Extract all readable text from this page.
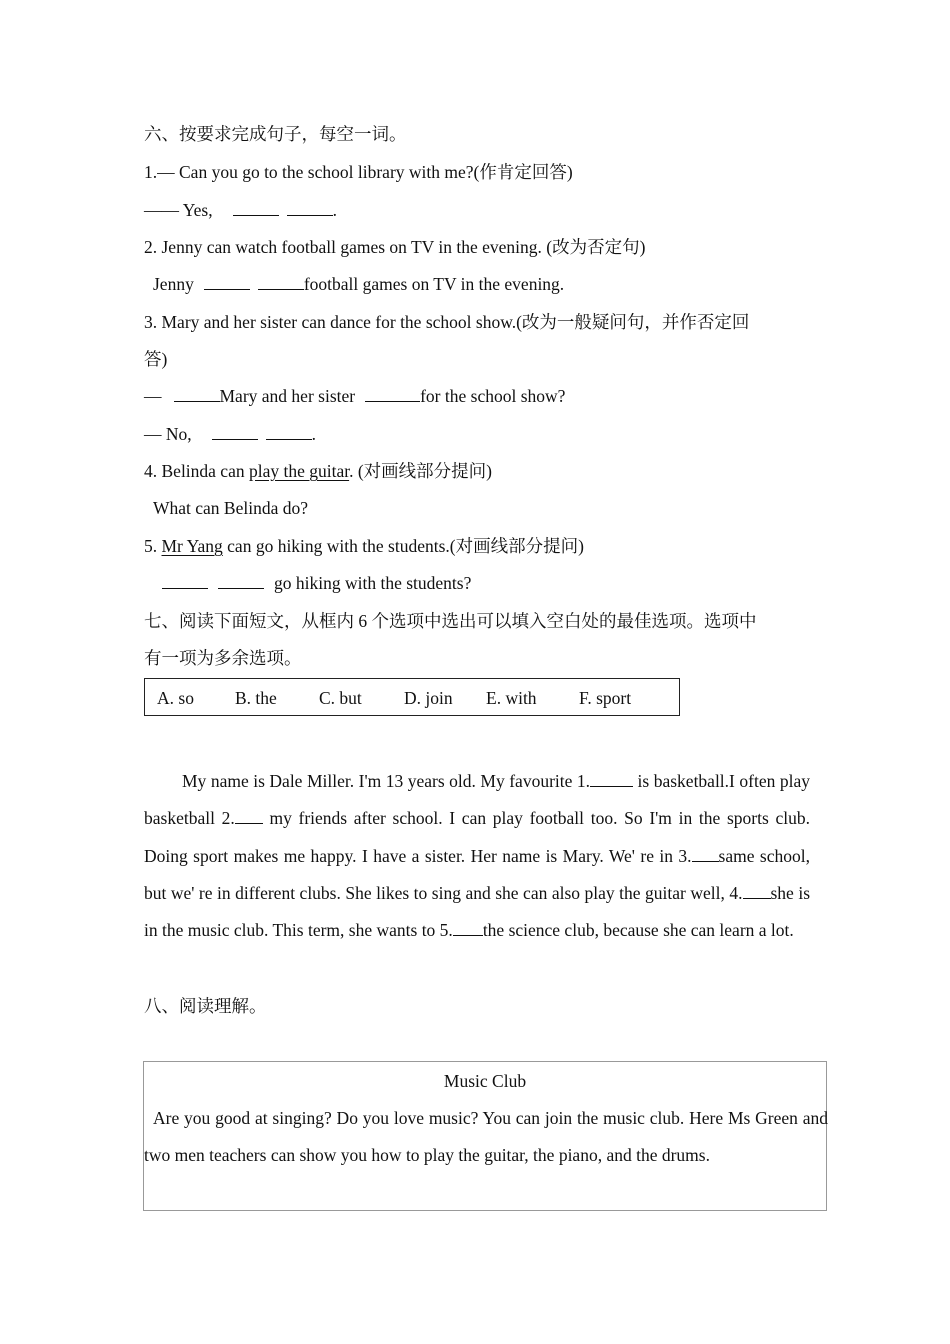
六、按要求完成句子，每空一词。
1.— Can you go to the school library with me?(作肯定回答)
—— Yes,	.
2. Jenny can watch football games on TV in the evening. (改为否定句)
Jenny	football games on TV in the evening.
3. Mary and her sister can dance for the school show.(改为一般疑问句，并作否定回
答)
—	Mary and her sister	for the school show?
— No,	.
4. Belinda can play the guitar. (对画线部分提问)
What can Belinda do?
5. Mr Yang can go hiking with the students.(对画线部分提问)
go hiking with the students?
七、阅读下面短文，从框内 6 个选项中选出可以填入空白处的最佳选项。选项中
有一项为多余选项。
A. so B. the C. but D. join E. with F. sport
My name is Dale Miller. I'm 13 years old. My favourite 1. is basketball.I often play basketball 2. my friends after school. I can play football too. So I'm in the sports club. Doing sport makes me happy. I have a sister. Her name is Mary. We' re in 3. same school, but we' re in different clubs. She likes to sing and she can also play the guitar well, 4. she is in the music club. This term, she wants to 5. the science club, because she can learn a lot.
八、阅读理解。
Music Club
Are you good at singing? Do you love music? You can join the music club. Here Ms Green and two men teachers can show you how to play the guitar, the piano, and the drums.
